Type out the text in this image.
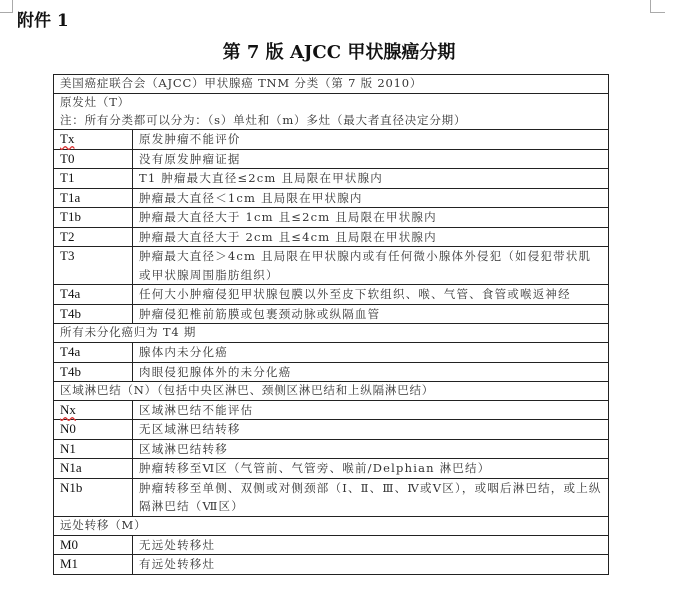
附件 1
第 7 版 AJCC 甲状腺癌分期
美国癌症联合会（AJCC）甲状腺癌 TNM 分类（第 7 版 2010）	

原发灶（T）
注：所有分类都可以分为：（s）单灶和（m）多灶（最大者直径决定分期）	

Tx	原发肿瘤不能评价
T0	没有原发肿瘤证据
T1	T1 肿瘤最大直径≤2cm 且局限在甲状腺内
T1a	肿瘤最大直径＜1cm 且局限在甲状腺内
T1b	肿瘤最大直径大于 1cm 且≤2cm 且局限在甲状腺内
T2	肿瘤最大直径大于 2cm 且≤4cm 且局限在甲状腺内
T3	肿瘤最大直径＞4cm 且局限在甲状腺内或有任何微小腺体外侵犯（如侵犯带状肌或甲状腺周围脂肪组织）
T4a	任何大小肿瘤侵犯甲状腺包膜以外至皮下软组织、喉、气管、食管或喉返神经
T4b	肿瘤侵犯椎前筋膜或包裹颈动脉或纵隔血管
所有未分化癌归为 T4 期	
T4a	腺体内未分化癌
T4b	肉眼侵犯腺体外的未分化癌
区域淋巴结（N）（包括中央区淋巴、颈侧区淋巴结和上纵隔淋巴结）	
Nx	区域淋巴结不能评估
N0	无区域淋巴结转移
N1	区域淋巴结转移
N1a	肿瘤转移至Ⅵ区（气管前、气管旁、喉前/Delphian 淋巴结）
N1b	肿瘤转移至单侧、双侧或对侧颈部（Ⅰ、Ⅱ、Ⅲ、Ⅳ或Ⅴ区），或咽后淋巴结，或上纵隔淋巴结（Ⅶ区）
远处转移（M）	
M0	无远处转移灶
M1	有远处转移灶
